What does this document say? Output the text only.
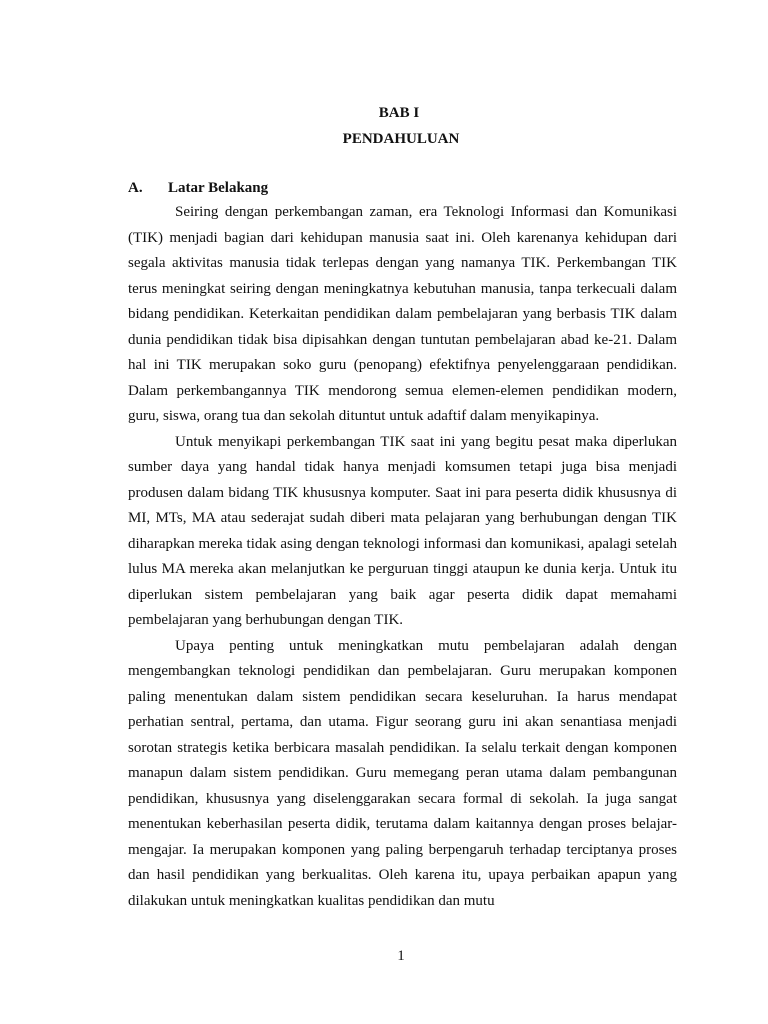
BAB I
PENDAHULUAN
A. Latar Belakang

Seiring dengan perkembangan zaman, era Teknologi Informasi dan Komunikasi (TIK) menjadi bagian dari kehidupan manusia saat ini. Oleh karenanya kehidupan dari segala aktivitas manusia tidak terlepas dengan yang namanya TIK. Perkembangan TIK terus meningkat seiring dengan meningkatnya kebutuhan manusia, tanpa terkecuali dalam bidang pendidikan. Keterkaitan pendidikan dalam pembelajaran yang berbasis TIK dalam dunia pendidikan tidak bisa dipisahkan dengan tuntutan pembelajaran abad ke-21. Dalam hal ini TIK merupakan soko guru (penopang) efektifnya penyelenggaraan pendidikan. Dalam perkembangannya TIK mendorong semua elemen-elemen pendidikan modern, guru, siswa, orang tua dan sekolah dituntut untuk adaftif dalam menyikapinya.

Untuk menyikapi perkembangan TIK saat ini yang begitu pesat maka diperlukan sumber daya yang handal tidak hanya menjadi komsumen tetapi juga bisa menjadi produsen dalam bidang TIK khususnya komputer. Saat ini para peserta didik khususnya di MI, MTs, MA atau sederajat sudah diberi mata pelajaran yang berhubungan dengan TIK diharapkan mereka tidak asing dengan teknologi informasi dan komunikasi, apalagi setelah lulus MA mereka akan melanjutkan ke perguruan tinggi ataupun ke dunia kerja. Untuk itu diperlukan sistem pembelajaran yang baik agar peserta didik dapat memahami pembelajaran yang berhubungan dengan TIK.

Upaya penting untuk meningkatkan mutu pembelajaran adalah dengan mengembangkan teknologi pendidikan dan pembelajaran. Guru merupakan komponen paling menentukan dalam sistem pendidikan secara keseluruhan. Ia harus mendapat perhatian sentral, pertama, dan utama. Figur seorang guru ini akan senantiasa menjadi sorotan strategis ketika berbicara masalah pendidikan. Ia selalu terkait dengan komponen manapun dalam sistem pendidikan. Guru memegang peran utama dalam pembangunan pendidikan, khususnya yang diselenggarakan secara formal di sekolah. Ia juga sangat menentukan keberhasilan peserta didik, terutama dalam kaitannya dengan proses belajar-mengajar. Ia merupakan komponen yang paling berpengaruh terhadap terciptanya proses dan hasil pendidikan yang berkualitas. Oleh karena itu, upaya perbaikan apapun yang dilakukan untuk meningkatkan kualitas pendidikan dan mutu

1
